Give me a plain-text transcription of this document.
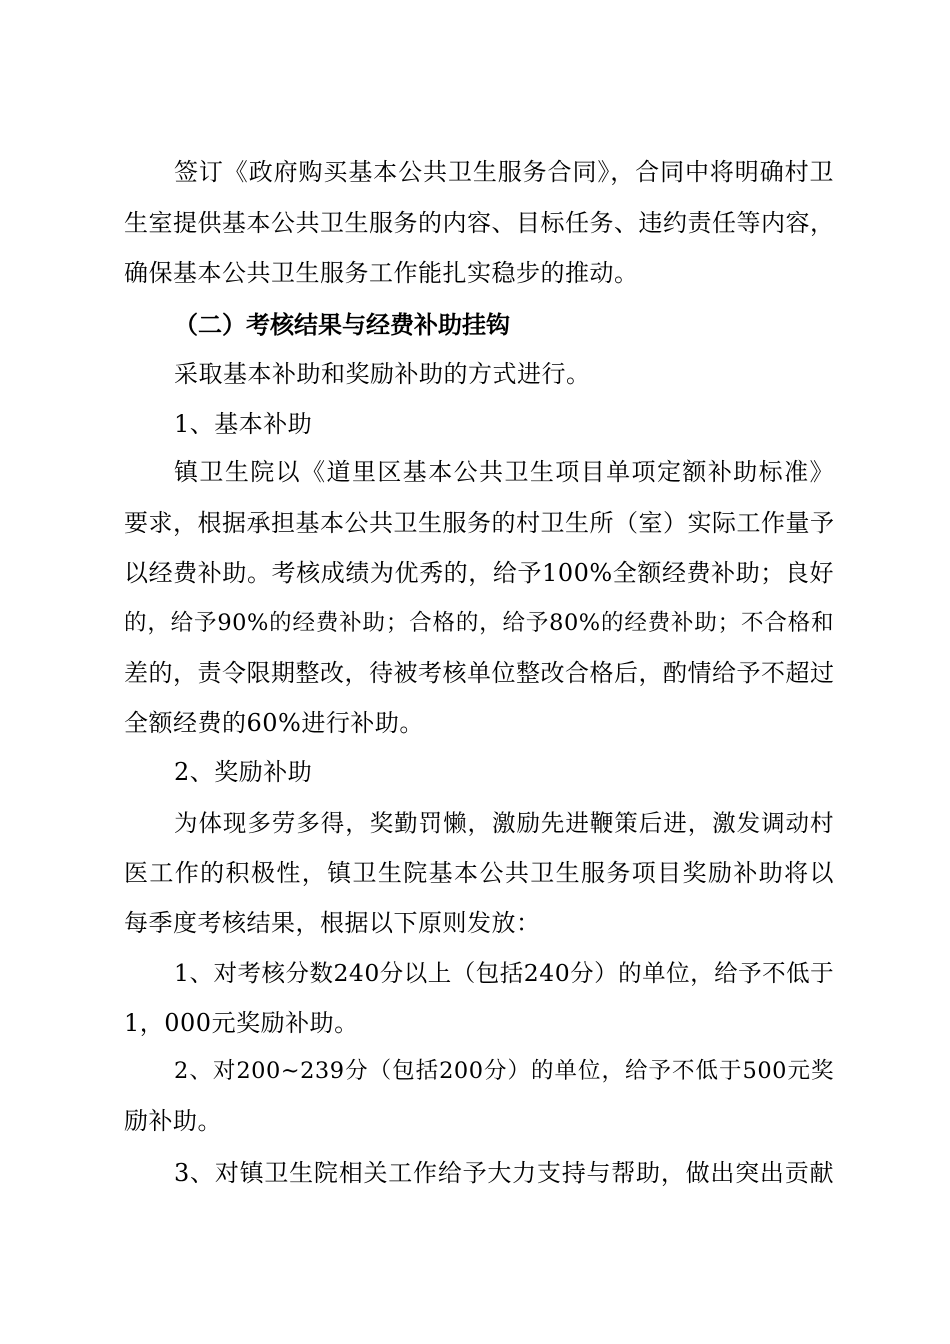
签订《政府购买基本公共卫生服务合同》，合同中将明确村卫
生室提供基本公共卫生服务的内容、目标任务、违约责任等内容，
确保基本公共卫生服务工作能扎实稳步的推动。
（二）考核结果与经费补助挂钩
采取基本补助和奖励补助的方式进行。
1、基本补助
镇卫生院以《道里区基本公共卫生项目单项定额补助标准》
要求，根据承担基本公共卫生服务的村卫生所（室）实际工作量予
以经费补助。考核成绩为优秀的，给予100%全额经费补助；良好
的，给予90%的经费补助；合格的，给予80%的经费补助；不合格和
差的，责令限期整改，待被考核单位整改合格后，酌情给予不超过
全额经费的60%进行补助。
2、奖励补助
为体现多劳多得，奖勤罚懒，激励先进鞭策后进，激发调动村
医工作的积极性，镇卫生院基本公共卫生服务项目奖励补助将以
每季度考核结果，根据以下原则发放：
1、对考核分数240分以上（包括240分）的单位，给予不低于
1，000元奖励补助。
2、对200~239分（包括200分）的单位，给予不低于500元奖
励补助。
3、对镇卫生院相关工作给予大力支持与帮助，做出突出贡献
